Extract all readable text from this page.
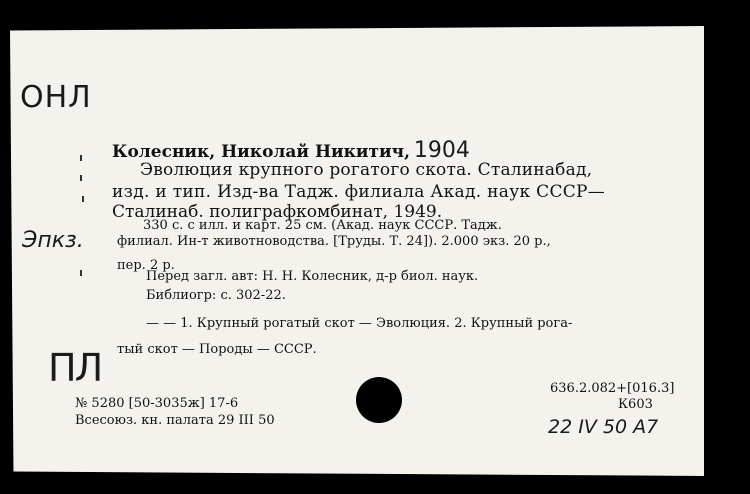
ОНЛ
Колесник, Николай Никитич, 1904
Эволюция крупного рогатого скота. Сталинабад,
изд. и тип. Изд-ва Тадж. филиала Акад. наук СССР—
Сталинаб. полиграфкомбинат, 1949.
330 с. с илл. и карт. 25 см. (Акад. наук СССР. Тадж.
филиал. Ин-т животноводства. [Труды. Т. 24]). 2.000 экз. 20 р.,
пер. 2 р.
Эпкз.
Перед загл. авт: Н. Н. Колесник, д-р биол. наук.
Библиогр: с. 302-22.
— — 1. Крупный рогатый скот — Эволюция. 2. Крупный рога-
тый скот — Породы — СССР.
ПЛ
№ 5280 [50-3035ж] 17-6
Всесоюз. кн. палата 29 III 50
636.2.082+[016.3]
К603
22 IV 50 А7
